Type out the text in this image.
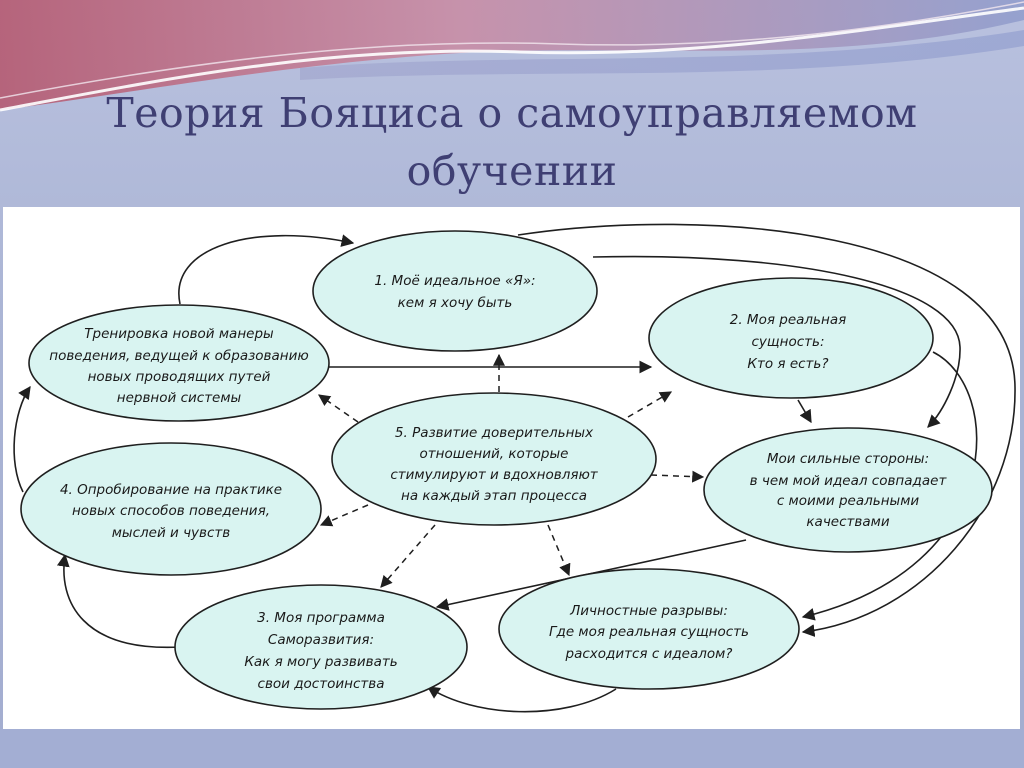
Теория Бояциса о самоуправляемом
обучении
1. Моё идеальное «Я»: кем я хочу быть
2. Моя реальная сущность: Кто я есть?
Мои сильные стороны: в чем мой идеал совпадает с моими реальными качествами
Личностные разрывы: Где моя реальная сущность расходится с идеалом?
3. Моя программа Саморазвития: Как я могу развивать свои достоинства
4. Опробирование на практике новых способов поведения, мыслей и чувств
Тренировка новой манеры поведения, ведущей к образованию новых проводящих путей нервной системы
5. Развитие доверительных отношений, которые стимулируют и вдохновляют на каждый этап процесса
